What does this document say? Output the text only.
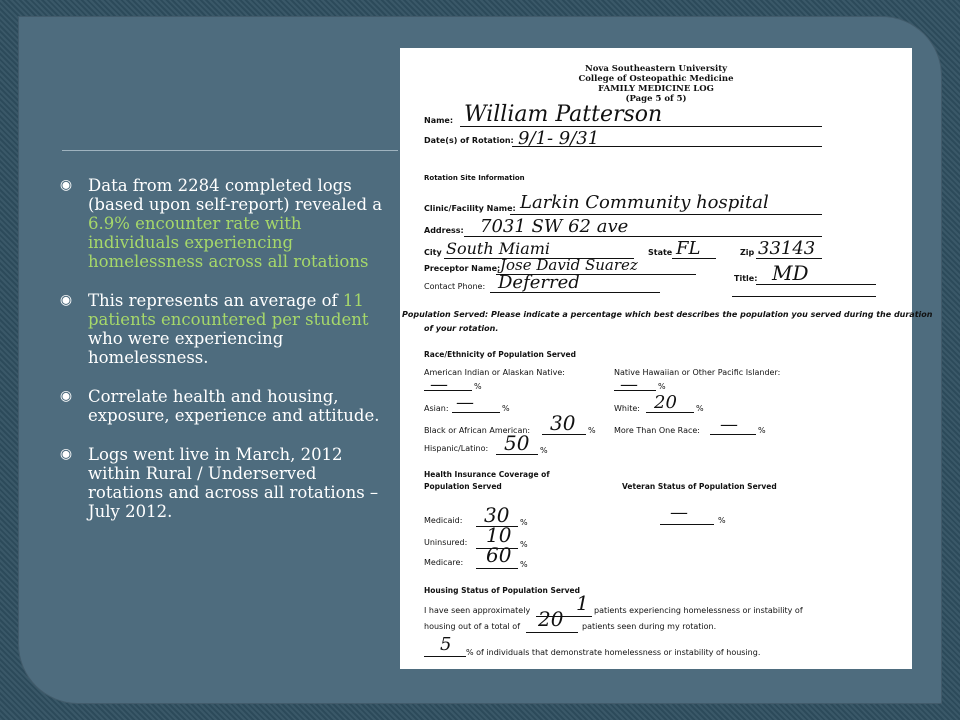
◉ Data from 2284 completed logs (based upon self-report) revealed a 6.9% encounter rate with individuals experiencing homelessness across all rotations
◉ This represents an average of 11 patients encountered per student who were experiencing homelessness.
◉ Correlate health and housing, exposure, experience and attitude.
◉ Logs went live in March, 2012 within Rural / Underserved rotations and across all rotations – July 2012.
Nova Southeastern University
College of Osteopathic Medicine
FAMILY MEDICINE LOG
(Page 5 of 5)
Name: William Patterson
Date(s) of Rotation: 9/1- 9/31
Rotation Site Information
Clinic/Facility Name: Larkin Community hospital
Address: 7031 SW 62 ave
City South Miami	State FL	Zip 33143
Preceptor Name: Jose David Suarez
Title: MD
Contact Phone: Deferred
Population Served: Please indicate a percentage which best describes the population you served during the duration
of your rotation.
Race/Ethnicity of Population Served
American Indian or Alaskan Native:
—	%
Native Hawaiian or Other Pacific Islander:
—	%
Asian: —	%	White: 20 %
Black or African American: 30 % More Than One Race: —	%
Hispanic/Latino: 50 %
Health Insurance Coverage of
Population Served	Veteran Status of Population Served
Medicaid: 30 %	—	%
Uninsured: 10 %
Medicare: 60 %
Housing Status of Population Served
I have seen approximately 1 patients experiencing homelessness or instability of
housing out of a total of 20 patients seen during my rotation.
5 % of individuals that demonstrate homelessness or instability of housing.
